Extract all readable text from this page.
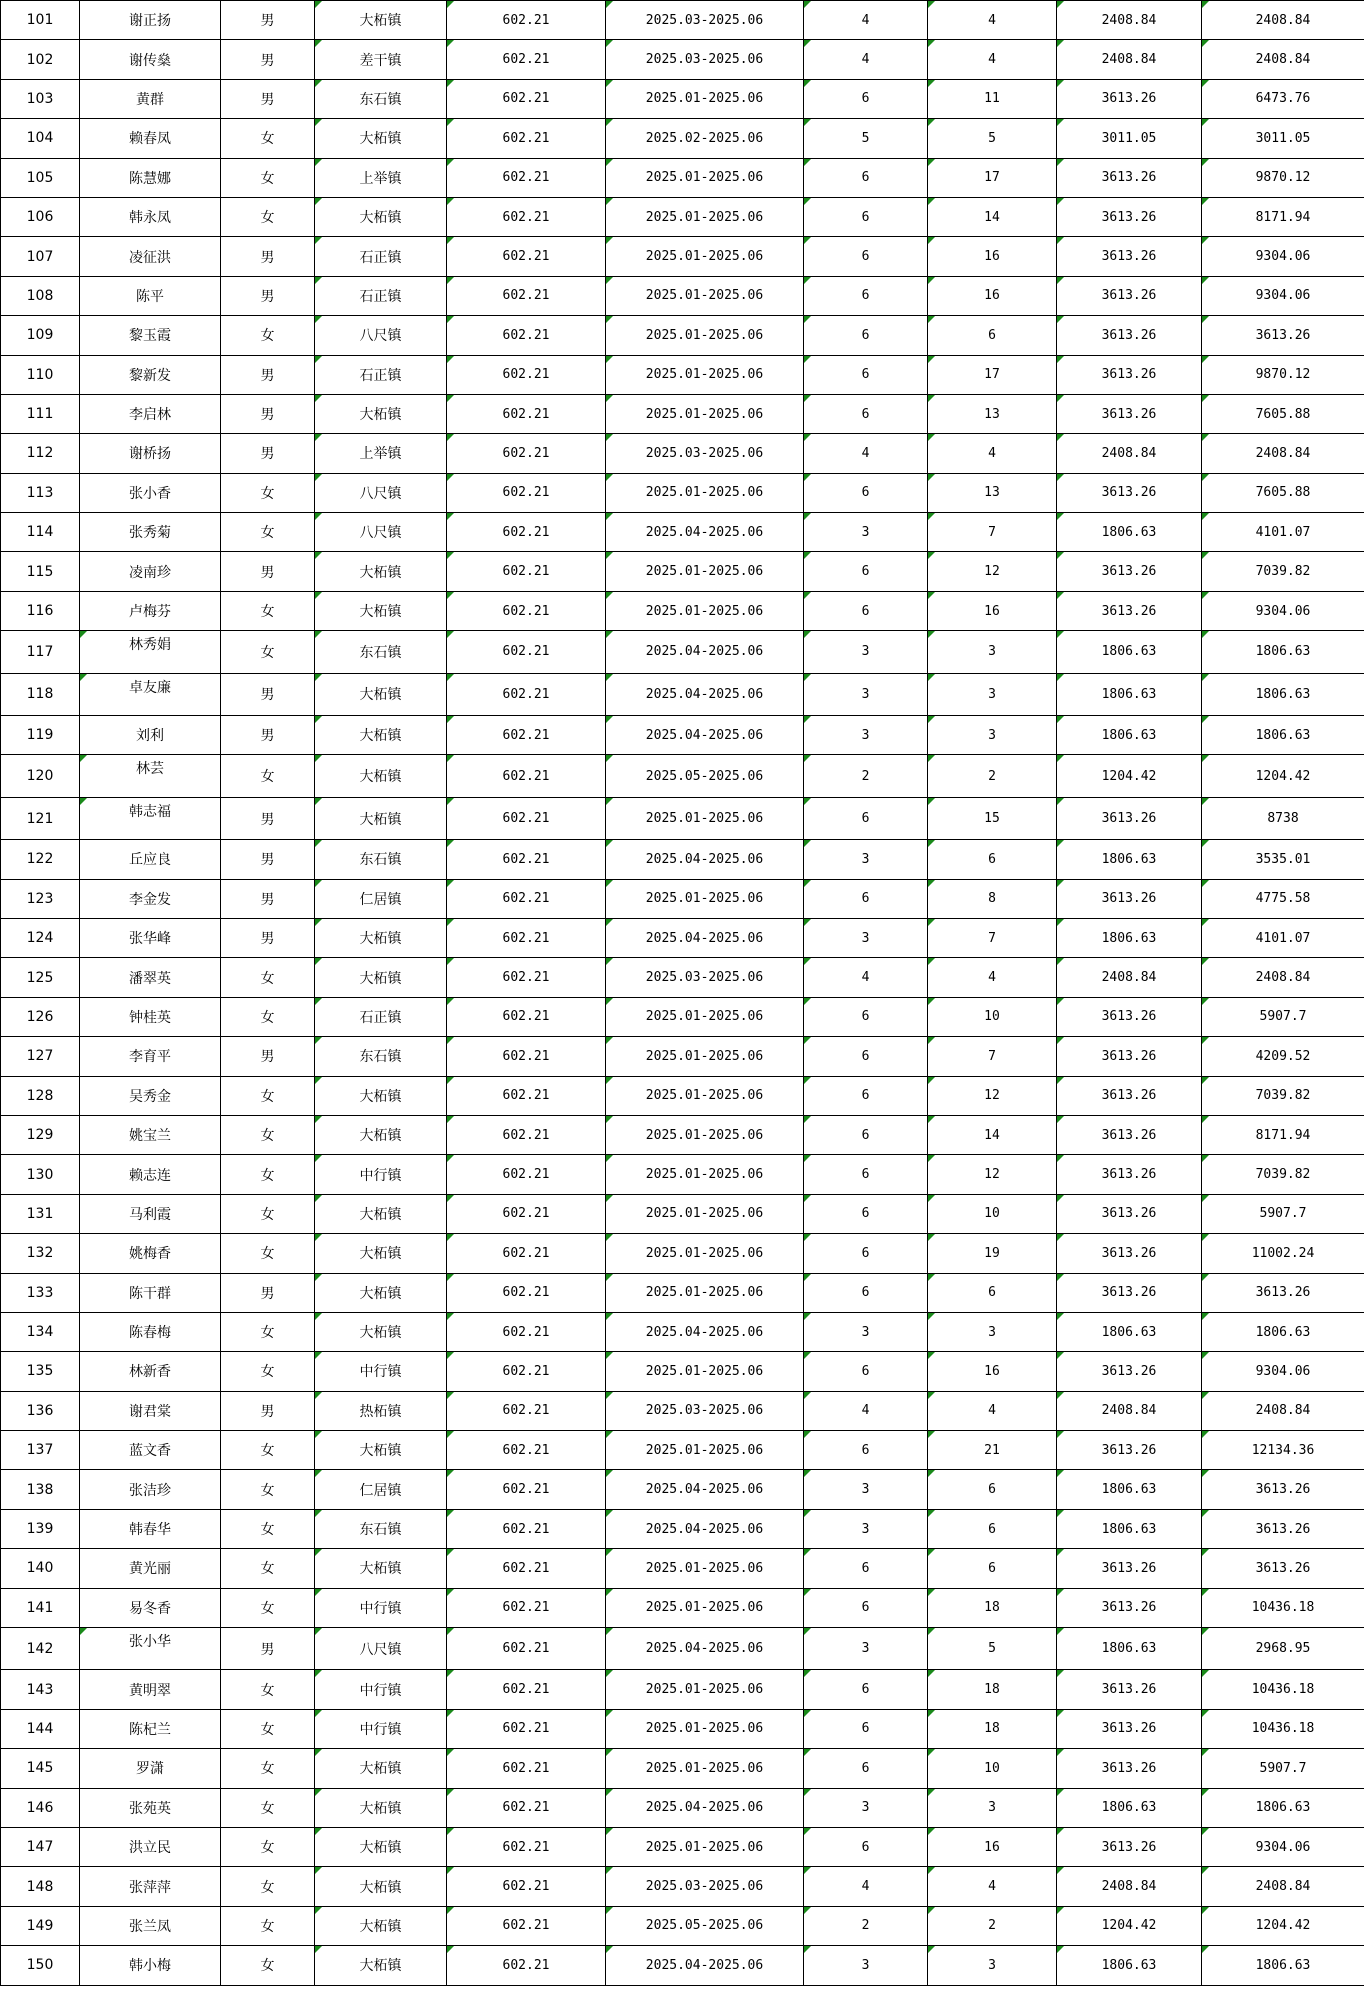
101	谢正扬	男	大柘镇	602.21	2025.03-2025.06	4	4	2408.84	2408.84
102	谢传燊	男	差干镇	602.21	2025.03-2025.06	4	4	2408.84	2408.84
103	黄群	男	东石镇	602.21	2025.01-2025.06	6	11	3613.26	6473.76
104	赖春凤	女	大柘镇	602.21	2025.02-2025.06	5	5	3011.05	3011.05
105	陈慧娜	女	上举镇	602.21	2025.01-2025.06	6	17	3613.26	9870.12
106	韩永凤	女	大柘镇	602.21	2025.01-2025.06	6	14	3613.26	8171.94
107	凌征洪	男	石正镇	602.21	2025.01-2025.06	6	16	3613.26	9304.06
108	陈平	男	石正镇	602.21	2025.01-2025.06	6	16	3613.26	9304.06
109	黎玉霞	女	八尺镇	602.21	2025.01-2025.06	6	6	3613.26	3613.26
110	黎新发	男	石正镇	602.21	2025.01-2025.06	6	17	3613.26	9870.12
111	李启林	男	大柘镇	602.21	2025.01-2025.06	6	13	3613.26	7605.88
112	谢桥扬	男	上举镇	602.21	2025.03-2025.06	4	4	2408.84	2408.84
113	张小香	女	八尺镇	602.21	2025.01-2025.06	6	13	3613.26	7605.88
114	张秀菊	女	八尺镇	602.21	2025.04-2025.06	3	7	1806.63	4101.07
115	凌南珍	男	大柘镇	602.21	2025.01-2025.06	6	12	3613.26	7039.82
116	卢梅芬	女	大柘镇	602.21	2025.01-2025.06	6	16	3613.26	9304.06
117	林秀娟	女	东石镇	602.21	2025.04-2025.06	3	3	1806.63	1806.63
118	卓友廉	男	大柘镇	602.21	2025.04-2025.06	3	3	1806.63	1806.63
119	刘利	男	大柘镇	602.21	2025.04-2025.06	3	3	1806.63	1806.63
120	林芸	女	大柘镇	602.21	2025.05-2025.06	2	2	1204.42	1204.42
121	韩志福	男	大柘镇	602.21	2025.01-2025.06	6	15	3613.26	8738
122	丘应良	男	东石镇	602.21	2025.04-2025.06	3	6	1806.63	3535.01
123	李金发	男	仁居镇	602.21	2025.01-2025.06	6	8	3613.26	4775.58
124	张华峰	男	大柘镇	602.21	2025.04-2025.06	3	7	1806.63	4101.07
125	潘翠英	女	大柘镇	602.21	2025.03-2025.06	4	4	2408.84	2408.84
126	钟桂英	女	石正镇	602.21	2025.01-2025.06	6	10	3613.26	5907.7
127	李育平	男	东石镇	602.21	2025.01-2025.06	6	7	3613.26	4209.52
128	吴秀金	女	大柘镇	602.21	2025.01-2025.06	6	12	3613.26	7039.82
129	姚宝兰	女	大柘镇	602.21	2025.01-2025.06	6	14	3613.26	8171.94
130	赖志连	女	中行镇	602.21	2025.01-2025.06	6	12	3613.26	7039.82
131	马利霞	女	大柘镇	602.21	2025.01-2025.06	6	10	3613.26	5907.7
132	姚梅香	女	大柘镇	602.21	2025.01-2025.06	6	19	3613.26	11002.24
133	陈干群	男	大柘镇	602.21	2025.01-2025.06	6	6	3613.26	3613.26
134	陈春梅	女	大柘镇	602.21	2025.04-2025.06	3	3	1806.63	1806.63
135	林新香	女	中行镇	602.21	2025.01-2025.06	6	16	3613.26	9304.06
136	谢君棠	男	热柘镇	602.21	2025.03-2025.06	4	4	2408.84	2408.84
137	蓝文香	女	大柘镇	602.21	2025.01-2025.06	6	21	3613.26	12134.36
138	张洁珍	女	仁居镇	602.21	2025.04-2025.06	3	6	1806.63	3613.26
139	韩春华	女	东石镇	602.21	2025.04-2025.06	3	6	1806.63	3613.26
140	黄光丽	女	大柘镇	602.21	2025.01-2025.06	6	6	3613.26	3613.26
141	易冬香	女	中行镇	602.21	2025.01-2025.06	6	18	3613.26	10436.18
142	张小华	男	八尺镇	602.21	2025.04-2025.06	3	5	1806.63	2968.95
143	黄明翠	女	中行镇	602.21	2025.01-2025.06	6	18	3613.26	10436.18
144	陈杞兰	女	中行镇	602.21	2025.01-2025.06	6	18	3613.26	10436.18
145	罗潇	女	大柘镇	602.21	2025.01-2025.06	6	10	3613.26	5907.7
146	张苑英	女	大柘镇	602.21	2025.04-2025.06	3	3	1806.63	1806.63
147	洪立民	女	大柘镇	602.21	2025.01-2025.06	6	16	3613.26	9304.06
148	张萍萍	女	大柘镇	602.21	2025.03-2025.06	4	4	2408.84	2408.84
149	张兰凤	女	大柘镇	602.21	2025.05-2025.06	2	2	1204.42	1204.42
150	韩小梅	女	大柘镇	602.21	2025.04-2025.06	3	3	1806.63	1806.63
